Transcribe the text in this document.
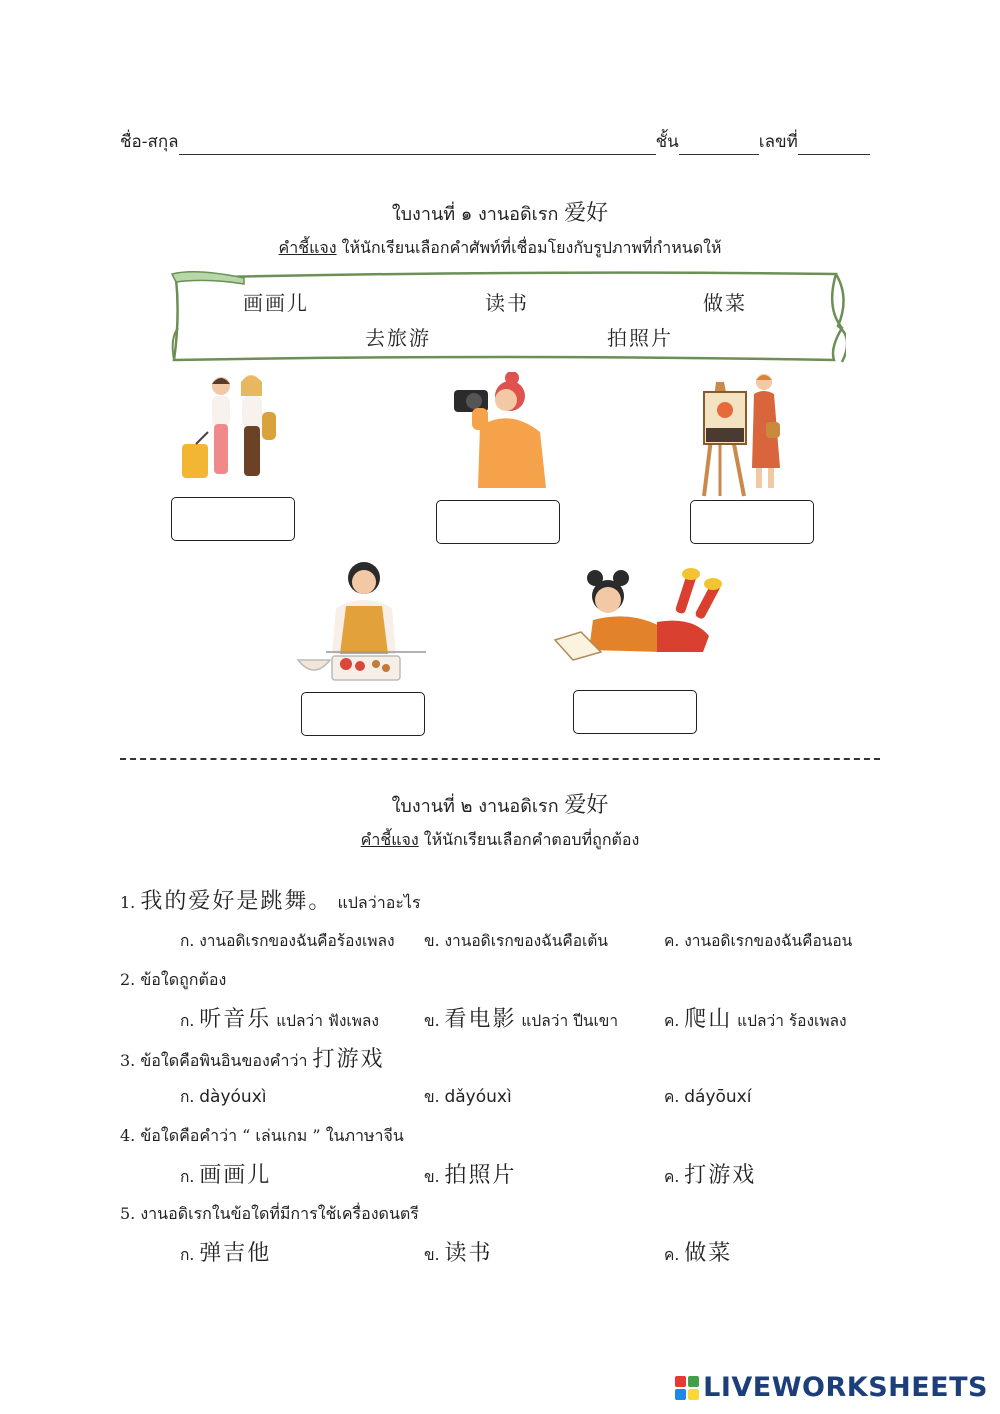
ชื่อ-สกุล	ชั้น	เลขที่
ใบงานที่ ๑ งานอดิเรก 爱好
คำชี้แจง ให้นักเรียนเลือกคำศัพท์ที่เชื่อมโยงกับรูปภาพที่กำหนดให้
画画儿	读书	做菜
去旅游	拍照片
ใบงานที่ ๒ งานอดิเรก 爱好
คำชี้แจง ให้นักเรียนเลือกคำตอบที่ถูกต้อง
1. 我的爱好是跳舞。 แปลว่าอะไร
ก. งานอดิเรกของฉันคือร้องเพลง ข. งานอดิเรกของฉันคือเต้น	ค. งานอดิเรกของฉันคือนอน
2. ข้อใดถูกต้อง
ก. 听音乐 แปลว่า ฟังเพลง	ข. 看电影 แปลว่า ปีนเขา	ค. 爬山 แปลว่า ร้องเพลง
3. ข้อใดคือพินอินของคำว่า 打游戏
ก. dàyóuxì	ข. dǎyóuxì	ค. dáyōuxí
4. ข้อใดคือคำว่า “ เล่นเกม ” ในภาษาจีน
ก. 画画儿	ข. 拍照片	ค. 打游戏
5. งานอดิเรกในข้อใดที่มีการใช้เครื่องดนตรี
ก. 弹吉他	ข. 读书	ค. 做菜
LIVEWORKSHEETS
